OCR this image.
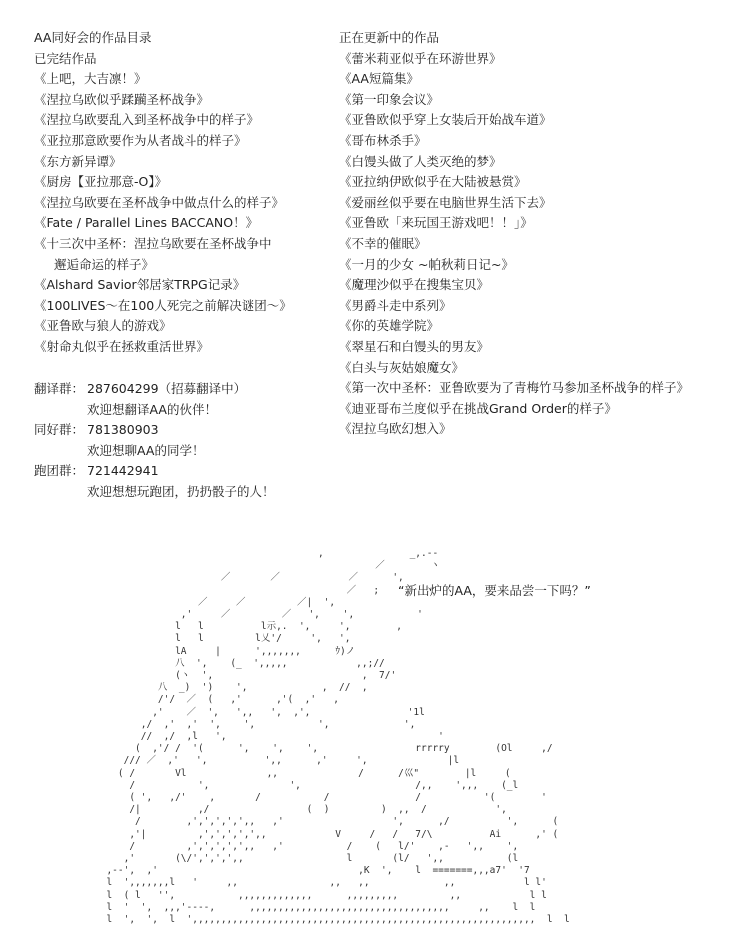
AA同好会的作品目录
已完结作品
《上吧，大吉凛！》
《涅拉乌欧似乎蹂躏圣杯战争》
《涅拉乌欧要乱入到圣杯战争中的样子》
《亚拉那意欧要作为从者战斗的样子》
《东方新异谭》
《厨房【亚拉那意-O】》
《涅拉乌欧要在圣杯战争中做点什么的样子》
《Fate / Parallel Lines BACCANO！》
《十三次中圣杯：涅拉乌欧要在圣杯战争中
邂逅命运的样子》
《Alshard Savior邻居家TRPG记录》
《100LIVES～在100人死完之前解决谜团～》
《亚鲁欧与狼人的游戏》
《射命丸似乎在拯救重活世界》
正在更新中的作品
《蕾米莉亚似乎在环游世界》
《AA短篇集》
《第一印象会议》
《亚鲁欧似乎穿上女装后开始战车道》
《哥布林杀手》
《白馒头做了人类灭绝的梦》
《亚拉纳伊欧似乎在大陆被悬赏》
《爱丽丝似乎要在电脑世界生活下去》
《亚鲁欧「来玩国王游戏吧！！」》
《不幸的催眠》
《一月的少女 ~帕秋莉日记~》
《魔理沙似乎在搜集宝贝》
《男爵斗走中系列》
《你的英雄学院》
《翠星石和白馒头的男友》
《白头与灰姑娘魔女》
《第一次中圣杯：亚鲁欧要为了青梅竹马参加圣杯战争的样子》
《迪亚哥布兰度似乎在挑战Grand Order的样子》
《涅拉乌欧幻想入》
翻译群： 287604299（招募翻译中）
欢迎想翻译AA的伙伴！
同好群： 781380903
欢迎想聊AA的同学！
跑团群： 721442941
欢迎想想玩跑团，扔扔骰子的人！
“新出炉的AA，要来品尝一下吗？”
,               _,.-‐
／        ヽ
／       ／            ／      ',
／   ;        ヽ
／     ／         ／|  ',
,'     ／         ／   ',    ',           '
l   l          l示,.  ',     ',        ,
l   l         l乂'/     ',   ',
lA     |      ',,,,,,,      ｳ)ノ
八  ',    (_  ',,,,,            ,,;//
(ヽ  ',                          ,  7/'
八  _)  ')    ',             ,  //  ,
/'/  ／  (   ,'      ,'(  ,'   ,
,'    ／  ',   ',,   ',  ,',                 '1l
,/  ,'  ,'  ',    ',           ',             ',
//  ,/  ,l   ',                                     '
(  ,'/ /  '(      ',    ',    ',                 rrrrry        (Ol     ,/
/// ／  ,'   ',          ',,      ,'     ',              |l
( /       Vl              ,,              /      /巛"        |l     (
/           ',              ',                    /,,    ',,,    (_l
( ',   ,/'    ,       /           /               /           '(        '
/|          ,/                 (  )         )  ,,  /            ',
/        ,',',',',',,   ,'                   ',      ,/          ',      (
,'|         ,',',',',',,            V     /   /   7/\          Ai      ,' (
/         ,',',',',',,   ,'           /    (   l/'    ,-   ',,    ',
,'       (\/',',',',,                  l       (l/   ',,           (l
,-‐',  ,'                                   ,K  ',    l  =======,,,a7'  '7
l  ',,,,,,,l   '     ,,                ,,   ,,             ,,            l l'
l  ( l   '',           ,,,,,,,,,,,,,      ,,,,,,,,,         ,,            l l
l  '  ',  ,,,'‐‐‐‐,      ,,,,,,,,,,,,,,,,,,,,,,,,,,,,,,,,,,,     ,,    l  l
l  ',  ',  l  ',,,,,,,,,,,,,,,,,,,,,,,,,,,,,,,,,,,,,,,,,,,,,,,,,,,,,,,,,,,,  l  l
